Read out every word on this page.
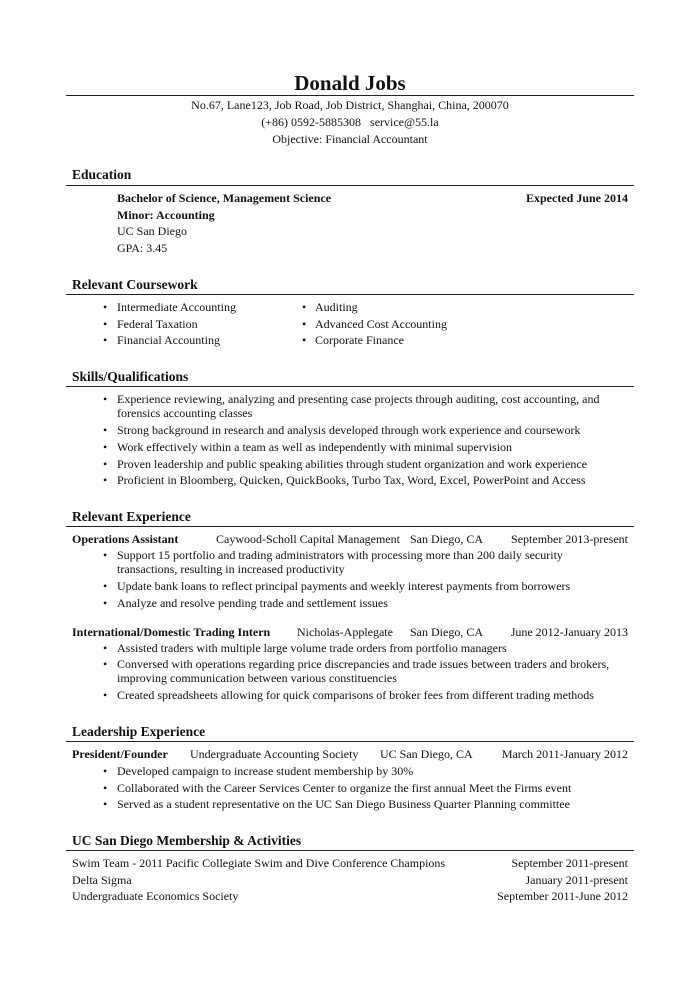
Donald Jobs
No.67, Lane123, Job Road, Job District, Shanghai, China, 200070
(+86) 0592-5885308   service@55.la
Objective: Financial Accountant
Education
Bachelor of Science, Management Science	Expected June 2014
Minor: Accounting
UC San Diego
GPA: 3.45
Relevant Coursework
• Intermediate Accounting
• Federal Taxation
• Financial Accounting
• Auditing
• Advanced Cost Accounting
• Corporate Finance
Skills/Qualifications
• Experience reviewing, analyzing and presenting case projects through auditing, cost accounting, and
forensics accounting classes
• Strong background in research and analysis developed through work experience and coursework
• Work effectively within a team as well as independently with minimal supervision
• Proven leadership and public speaking abilities through student organization and work experience
• Proficient in Bloomberg, Quicken, QuickBooks, Turbo Tax, Word, Excel, PowerPoint and Access
Relevant Experience
Operations Assistant	Caywood-Scholl Capital Management San Diego, CA September 2013-present
• Support 15 portfolio and trading administrators with processing more than 200 daily security
transactions, resulting in increased productivity
• Update bank loans to reflect principal payments and weekly interest payments from borrowers
• Analyze and resolve pending trade and settlement issues
International/Domestic Trading Intern Nicholas-Applegate San Diego, CA June 2012-January 2013
• Assisted traders with multiple large volume trade orders from portfolio managers
• Conversed with operations regarding price discrepancies and trade issues between traders and brokers,
improving communication between various constituencies
• Created spreadsheets allowing for quick comparisons of broker fees from different trading methods
Leadership Experience
President/Founder Undergraduate Accounting Society UC San Diego, CA March 2011-January 2012
• Developed campaign to increase student membership by 30%
• Collaborated with the Career Services Center to organize the first annual Meet the Firms event
• Served as a student representative on the UC San Diego Business Quarter Planning committee
UC San Diego Membership & Activities
Swim Team - 2011 Pacific Collegiate Swim and Dive Conference Champions	September 2011-present
Delta Sigma	January 2011-present
Undergraduate Economics Society	September 2011-June 2012
